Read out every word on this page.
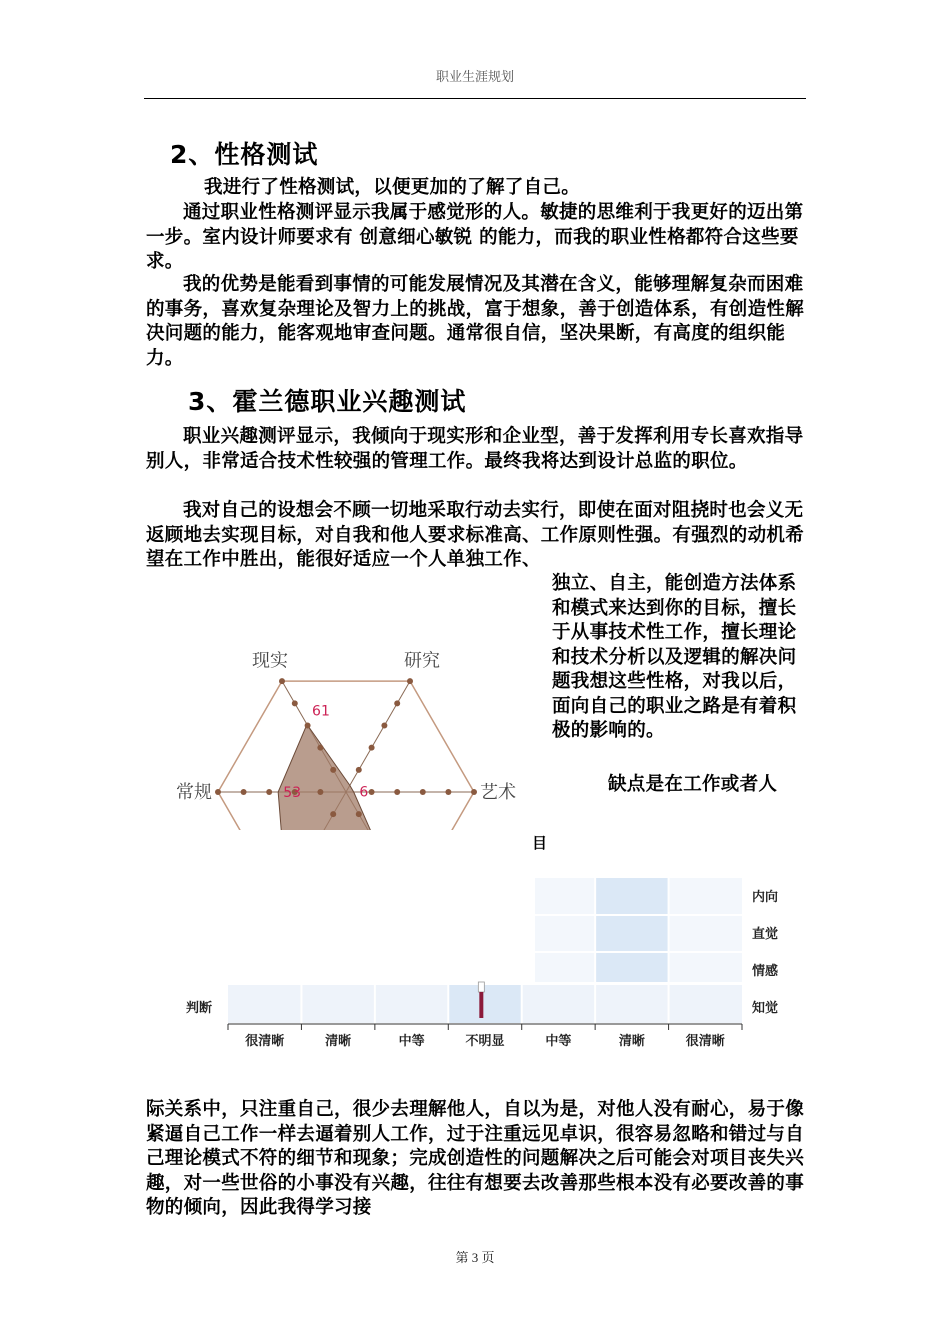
职业生涯规划
2、性格测试
我进行了性格测试，以便更加的了解了自己。
通过职业性格测评显示我属于感觉形的人。敏捷的思维利于我更好的迈出第一步。室内设计师要求有 创意细心敏锐 的能力，而我的职业性格都符合这些要求。
我的优势是能看到事情的可能发展情况及其潜在含义，能够理解复杂而困难的事务，喜欢复杂理论及智力上的挑战，富于想象，善于创造体系，有创造性解决问题的能力，能客观地审查问题。通常很自信，坚决果断，有高度的组织能力。
3、霍兰德职业兴趣测试
职业兴趣测评显示，我倾向于现实形和企业型，善于发挥利用专长喜欢指导别人，非常适合技术性较强的管理工作。最终我将达到设计总监的职位。
我对自己的设想会不顾一切地采取行动去实行，即使在面对阻挠时也会义无返顾地去实现目标，对自我和他人要求标准高、工作原则性强。有强烈的动机希望在工作中胜出，能很好适应一个人单独工作、
独立、自主，能创造方法体系和模式来达到你的目标，擅长于从事技术性工作，擅长理论和技术分析以及逻辑的解决问题我想这些性格，对我以后，面向自己的职业之路是有着积极的影响的。
缺点是在工作或者人
现实	研究
艺术
常规
61
6
53
内向
直觉
情感
知觉
很清晰	清晰	中等	不明显	中等	清晰	很清晰
判断
目
际关系中，只注重自己，很少去理解他人，自以为是，对他人没有耐心，易于像紧逼自己工作一样去逼着别人工作，过于注重远见卓识，很容易忽略和错过与自己理论模式不符的细节和现象；完成创造性的问题解决之后可能会对项目丧失兴趣，对一些世俗的小事没有兴趣，往往有想要去改善那些根本没有必要改善的事物的倾向，因此我得学习接
第 3 页
